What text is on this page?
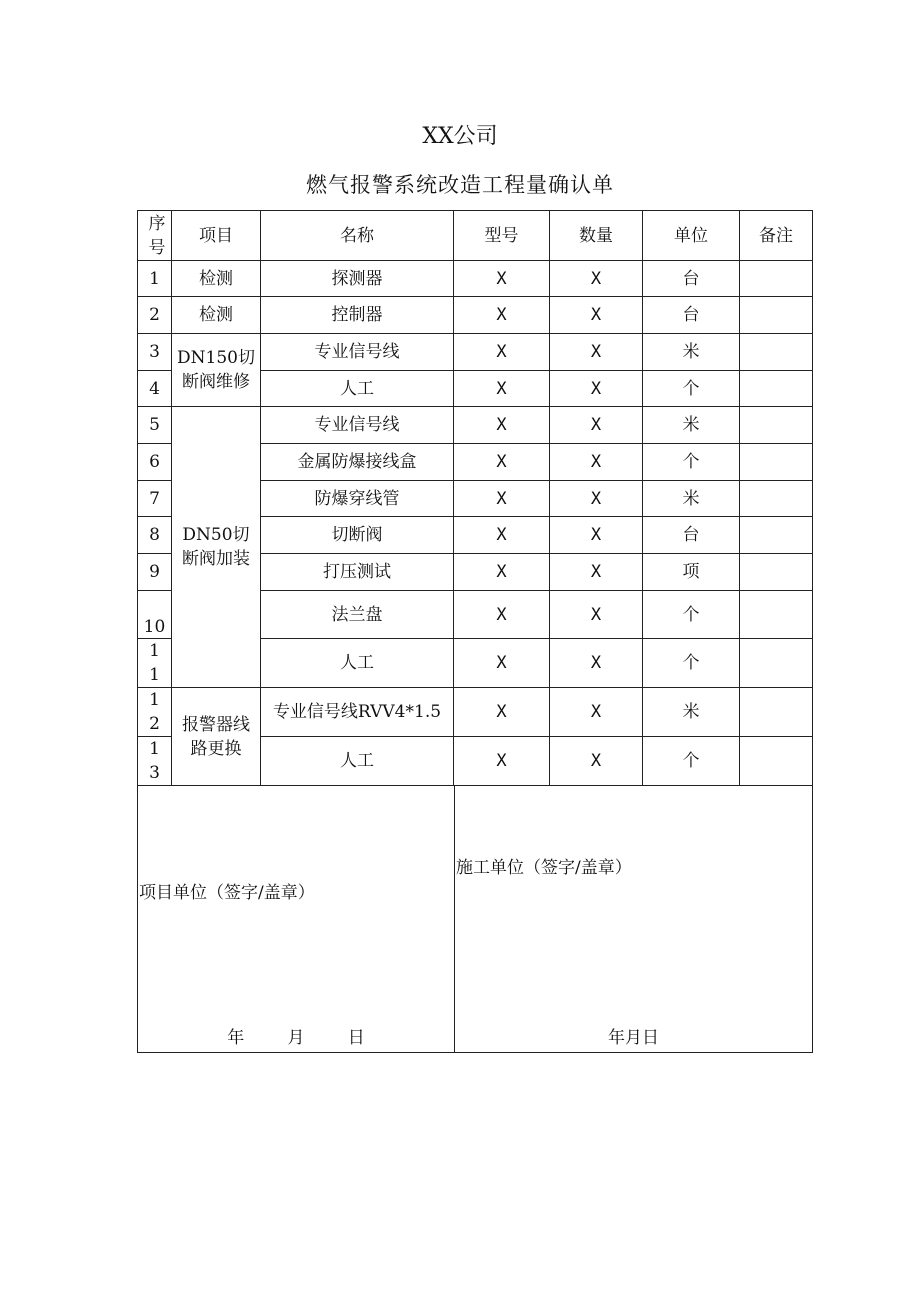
XX公司
燃气报警系统改造工程量确认单
序号	项目	名称	型号	数量	单位	备注
1	检测	探测器	X	X	台	
2	检测	控制器	X	X	台	
3	DN150切断阀维修	专业信号线	X	X	米	
4		人工	X	X	个	
5	DN50切断阀加装	专业信号线	X	X	米	
6		金属防爆接线盒	X	X	个	
7		防爆穿线管	X	X	米	
8		切断阀	X	X	台	
9		打压测试	X	X	项	
10		法兰盘	X	X	个	

11		人工	X	X	个	

12	报警器线路更换	专业信号线RVV4*1.5	X	X	米	

13		人工	X	X	个	
项目单位（签字/盖章）
年        月        日

施工单位（签字/盖章）
年月日
